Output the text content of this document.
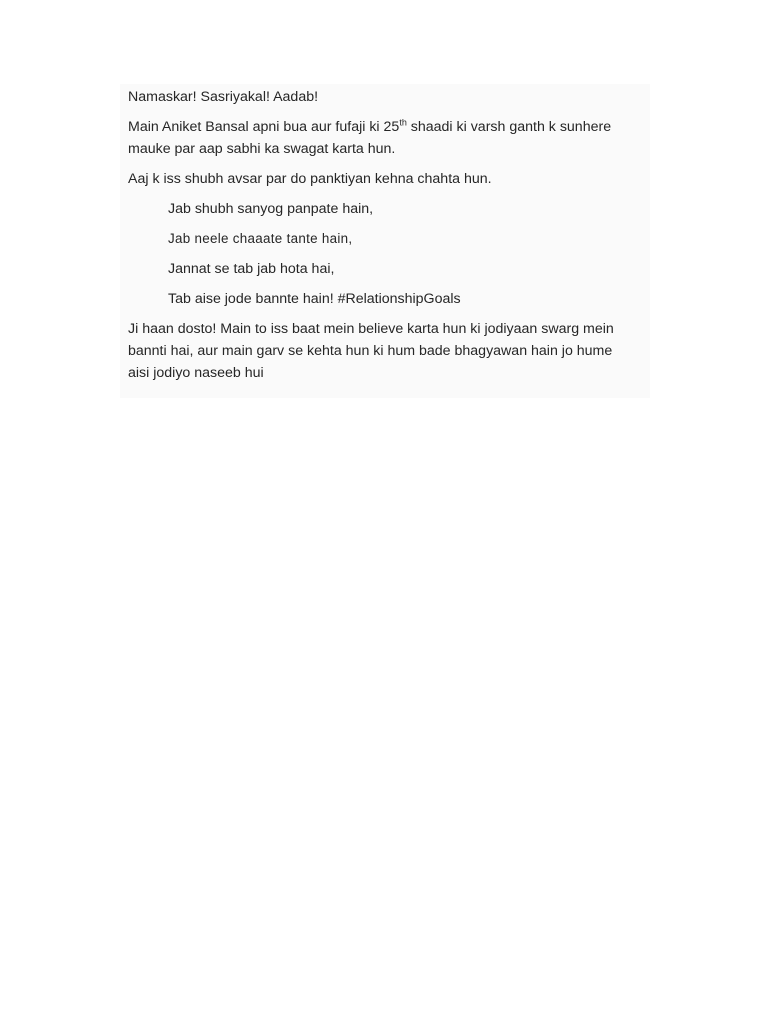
Namaskar! Sasriyakal! Aadab!

Main Aniket Bansal apni bua aur fufaji ki 25th shaadi ki varsh ganth k sunhere
mauke par aap sabhi ka swagat karta hun.

Aaj k iss shubh avsar par do panktiyan kehna chahta hun.

Jab shubh sanyog panpate hain,
Jab neele chaaate tante hain,
Jannat se tab jab hota hai,
Tab aise jode bannte hain! #RelationshipGoals

Ji haan dosto! Main to iss baat mein believe karta hun ki jodiyaan swarg mein
bannti hai, aur main garv se kehta hun ki hum bade bhagyawan hain jo hume
aisi jodiyo naseeb hui
